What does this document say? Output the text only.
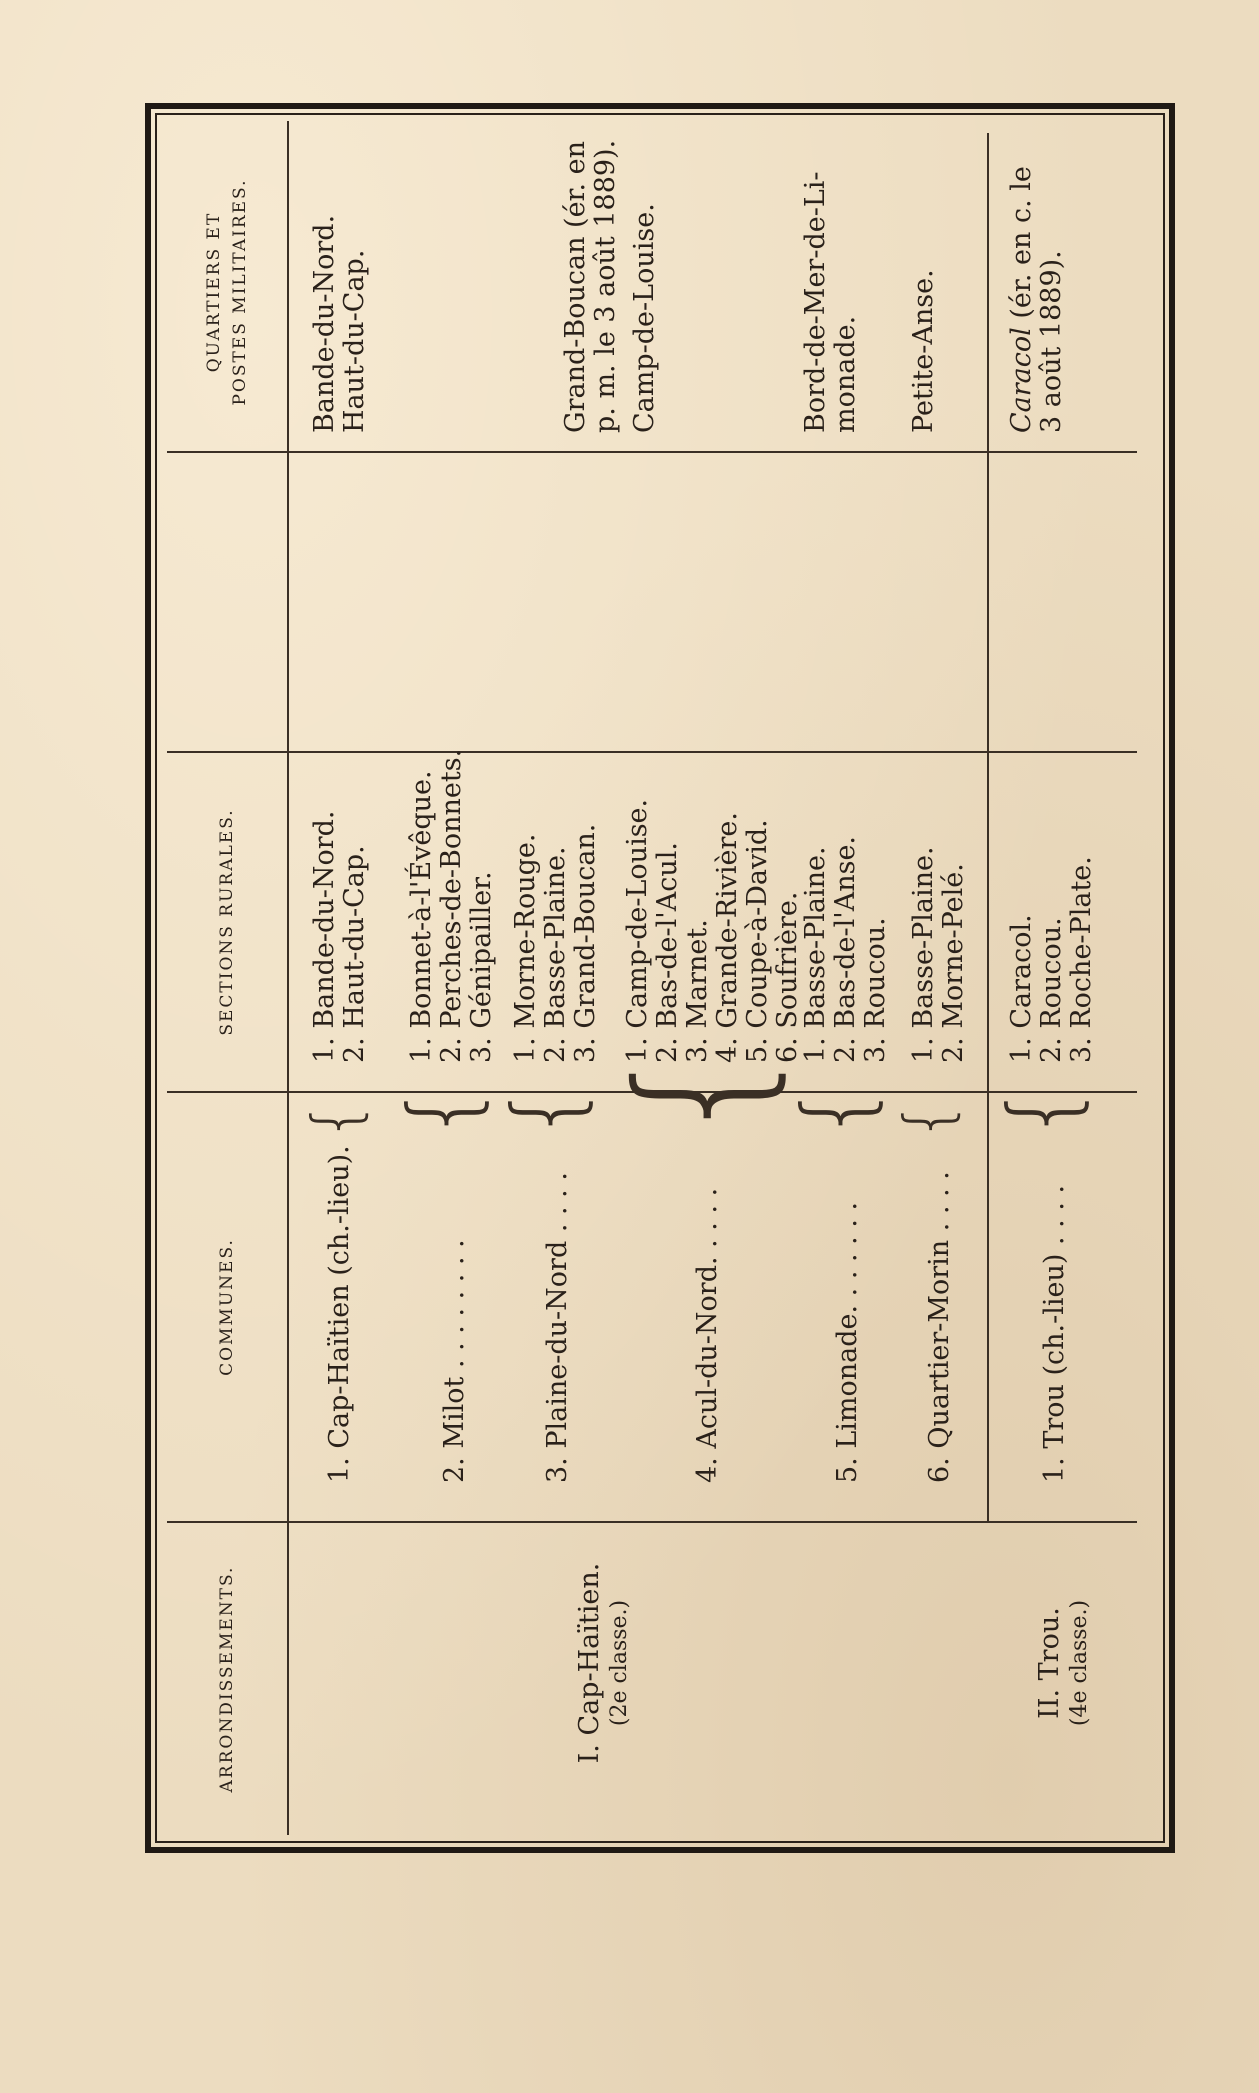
ARRONDISSEMENTS.
COMMUNES.
SECTIONS RURALES.
QUARTIERS ET POSTES MILITAIRES.
I. Cap-Haïtien. (2e classe.)	II. Trou. (4e classe.)
1. Cap-Haïtien (ch.-lieu).
{
1. Bande-du-Nord. 2. Haut-du-Cap.
Bande-du-Nord. Haut-du-Cap.
2. Milot . . . . . . . .
{
1. Bonnet-à-l'Évêque. 2. Perches-de-Bonnets. 3. Génipailler.
3. Plaine-du-Nord . . . .
{
1. Morne-Rouge. 2. Basse-Plaine. 3. Grand-Boucan.
Grand-Boucan (ér. en p. m. le 3 août 1889).
4. Acul-du-Nord. . . . .
{
1. Camp-de-Louise. 2. Bas-de-l'Acul. 3. Marnet. 4. Grande-Rivière. 5. Coupe-à-David. 6. Soufrière.
Camp-de-Louise.
5. Limonade. . . . . . .
{
1. Basse-Plaine. 2. Bas-de-l'Anse. 3. Roucou.
Bord-de-Mer-de-Li- monade.
6. Quartier-Morin . . . .
{
1. Basse-Plaine. 2. Morne-Pelé.
Petite-Anse.
1. Trou (ch.-lieu) . . . .
{
1. Caracol. 2. Roucou. 3. Roche-Plate.
Caracol (ér. en c. le
3 août 1889).
